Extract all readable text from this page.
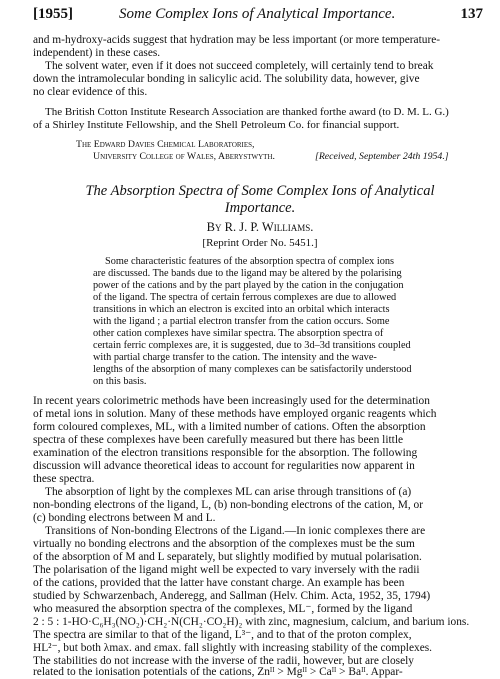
[1955]	Some Complex Ions of Analytical Importance.	137
and m-hydroxy-acids suggest that hydration may be less important (or more temperature-
independent) in these cases.
The solvent water, even if it does not succeed completely, will certainly tend to break
down the intramolecular bonding in salicylic acid. The solubility data, however, give
no clear evidence of this.
The British Cotton Institute Research Association are thanked forthe award (to D. M. L. G.)
of a Shirley Institute Fellowship, and the Shell Petroleum Co. for financial support.
The Edward Davies Chemical Laboratories,
University College of Wales, Aberystwyth.	[Received, September 24th 1954.]
The Absorption Spectra of Some Complex Ions of Analytical
Importance.
By R. J. P. Williams.
[Reprint Order No. 5451.]
Some characteristic features of the absorption spectra of complex ions
are discussed. The bands due to the ligand may be altered by the polarising
power of the cations and by the part played by the cation in the conjugation
of the ligand. The spectra of certain ferrous complexes are due to allowed
transitions in which an electron is excited into an orbital which interacts
with the ligand ; a partial electron transfer from the cation occurs. Some
other cation complexes have similar spectra. The absorption spectra of
certain ferric complexes are, it is suggested, due to 3d–3d transitions coupled
with partial charge transfer to the cation. The intensity and the wave-
lengths of the absorption of many complexes can be satisfactorily understood
on this basis.
In recent years colorimetric methods have been increasingly used for the determination
of metal ions in solution. Many of these methods have employed organic reagents which
form coloured complexes, ML, with a limited number of cations. Often the absorption
spectra of these complexes have been carefully measured but there has been little
examination of the electron transitions responsible for the absorption. The following
discussion will advance theoretical ideas to account for regularities now apparent in
these spectra.
The absorption of light by the complexes ML can arise through transitions of (a)
non-bonding electrons of the ligand, L, (b) non-bonding electrons of the cation, M, or
(c) bonding electrons between M and L.
Transitions of Non-bonding Electrons of the Ligand.—In ionic complexes there are
virtually no bonding electrons and the absorption of the complexes must be the sum
of the absorption of M and L separately, but slightly modified by mutual polarisation.
The polarisation of the ligand might well be expected to vary inversely with the radii
of the cations, provided that the latter have constant charge. An example has been
studied by Schwarzenbach, Anderegg, and Sallman (Helv. Chim. Acta, 1952, 35, 1794)
who measured the absorption spectra of the complexes, ML⁻, formed by the ligand
2 : 5 : 1-HO·C₆H₃(NO₂)·CH₂·N(CH₂·CO₂H)₂ with zinc, magnesium, calcium, and barium ions.
The spectra are similar to that of the ligand, L³⁻, and to that of the proton complex,
HL²⁻, but both λmax. and εmax. fall slightly with increasing stability of the complexes.
The stabilities do not increase with the inverse of the radii, however, but are closely
related to the ionisation potentials of the cations, Znᴵᴵ > Mgᴵᴵ > Caᴵᴵ > Baᴵᴵ. Appar-
